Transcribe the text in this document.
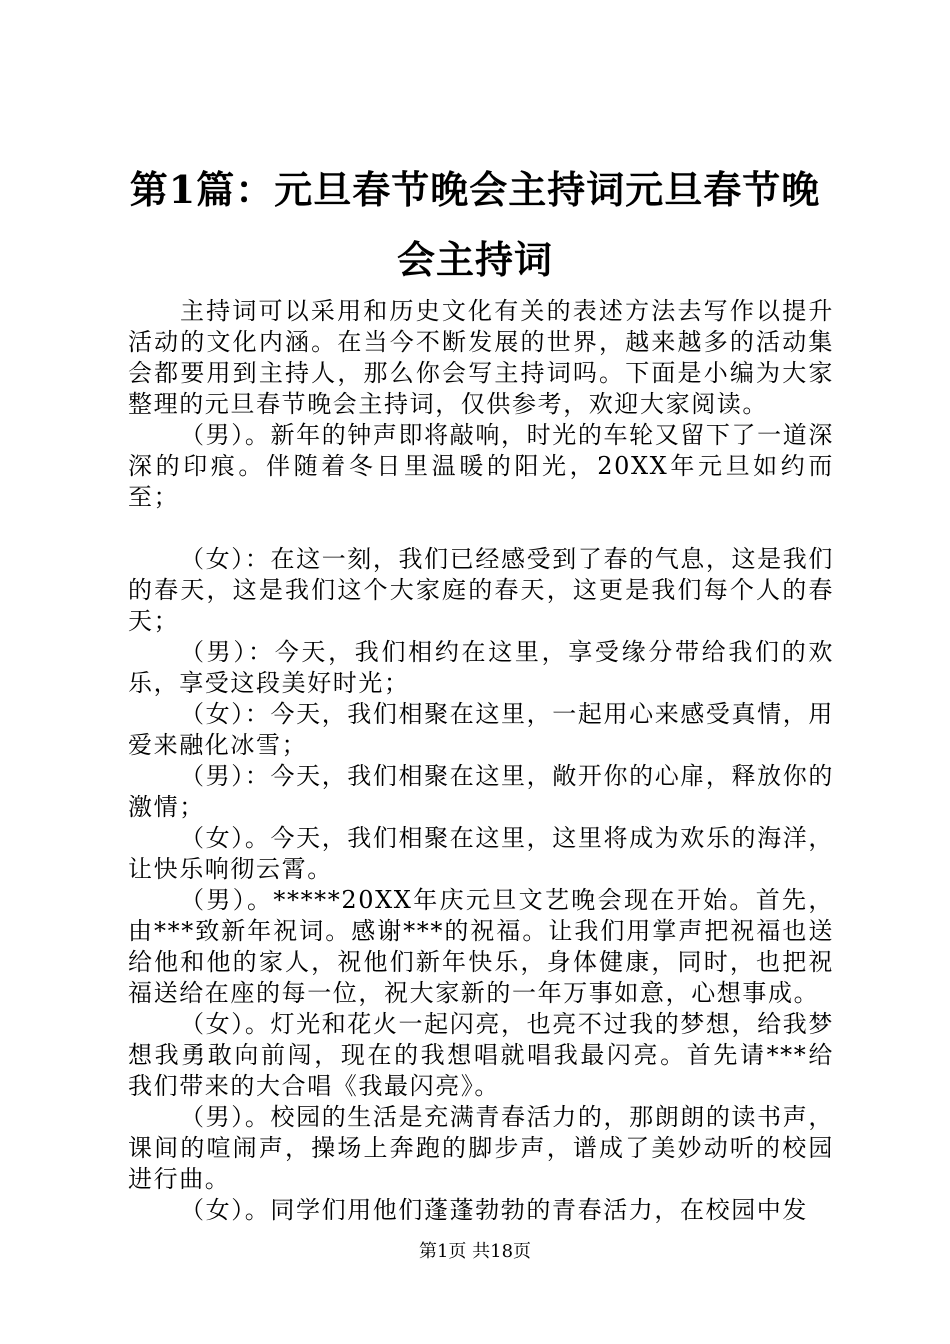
第1篇：元旦春节晚会主持词元旦春节晚会主持词

主持词可以采用和历史文化有关的表述方法去写作以提升活动的文化内涵。在当今不断发展的世界，越来越多的活动集会都要用到主持人，那么你会写主持词吗。下面是小编为大家整理的元旦春节晚会主持词，仅供参考，欢迎大家阅读。

（男）。新年的钟声即将敲响，时光的车轮又留下了一道深深的印痕。伴随着冬日里温暖的阳光，20XX年元旦如约而至；

（女）：在这一刻，我们已经感受到了春的气息，这是我们的春天，这是我们这个大家庭的春天，这更是我们每个人的春天；

（男）：今天，我们相约在这里，享受缘分带给我们的欢乐，享受这段美好时光；

（女）：今天，我们相聚在这里，一起用心来感受真情，用爱来融化冰雪；

（男）：今天，我们相聚在这里，敞开你的心扉，释放你的激情；

（女）。今天，我们相聚在这里，这里将成为欢乐的海洋，让快乐响彻云霄。

（男）。*****20XX年庆元旦文艺晚会现在开始。首先，由***致新年祝词。感谢***的祝福。让我们用掌声把祝福也送给他和他的家人，祝他们新年快乐，身体健康，同时，也把祝福送给在座的每一位，祝大家新的一年万事如意，心想事成。

（女）。灯光和花火一起闪亮，也亮不过我的梦想，给我梦想我勇敢向前闯，现在的我想唱就唱我最闪亮。首先请***给我们带来的大合唱《我最闪亮》。

（男）。校园的生活是充满青春活力的，那朗朗的读书声，课间的喧闹声，操场上奔跑的脚步声，谱成了美妙动听的校园进行曲。

（女）。同学们用他们蓬蓬勃勃的青春活力，在校园中发

第1页 共18页
